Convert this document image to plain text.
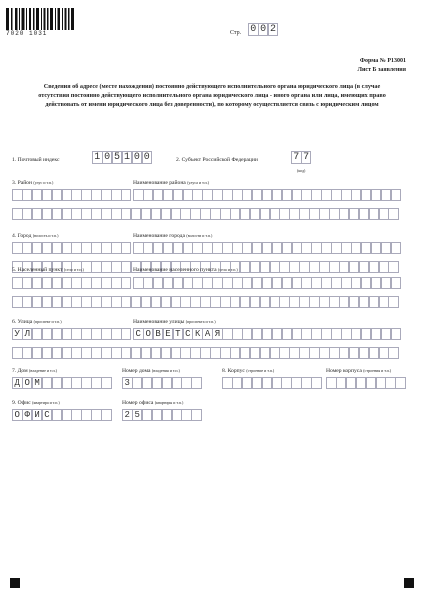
7020 1031	Стр. 0 0 2
Форма № Р13001
Лист Б заявления
Сведения об адресе (месте нахождения) постоянно действующего исполнительного органа юридического лица (в случае отсутствия постоянно действующего исполнительного органа юридического лица - иного органа или лица, имеющих право действовать от имени юридического лица без доверенности), по которому осуществляется связь с юридическим лицом
1. Почтовый индекс	1 0 5 1 0 0	2. Субъект Российской Федерации	7 7
(код)
3. Район (улус и т.п.)	Наименование района (улуса и т.п.)
4. Город (волость и т.п.)	Наименование города (волости и т.п.)
5. Населенный пункт (село и т.п.)	Наименование населенного пункта (села и т.п.)
6. Улица (проспект и т.п.)	Наименование улицы (проспекта и т.п.)
У Л	С О В Е Т С К А Я
7. Дом (владение и т.п.)	Номер дома (владения и т.п.)
Д О М	3
8. Корпус (строение и т.п.)	Номер корпуса (строения и т.п.)
9. Офис (квартира и т.п.)	Номер офиса (квартиры и т.п.)
О Ф И С	2 5
